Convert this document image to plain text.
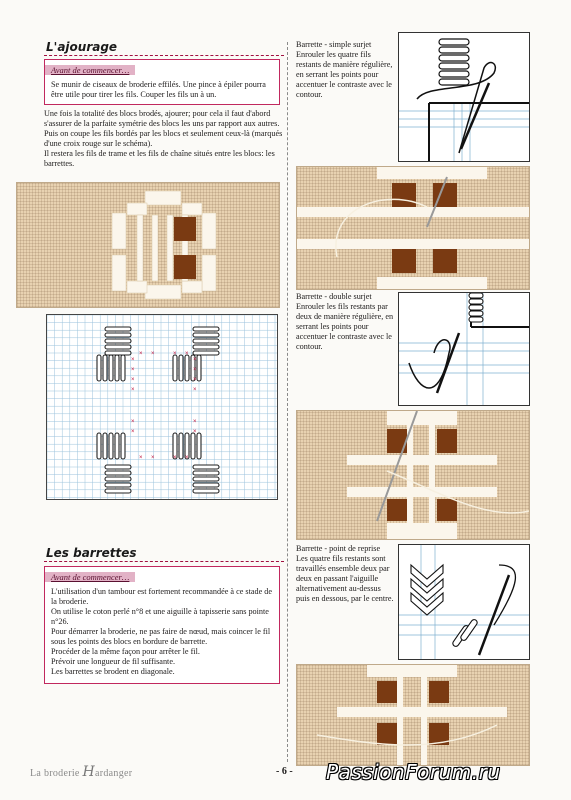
L'ajourage
Avant de commencer…

Se munir de ciseaux de broderie effilés. Une pince à épiler pourra être utile pour tirer les fils. Couper les fils un à un.

Une fois la totalité des blocs brodés, ajourer; pour cela il faut d'abord s'assurer de la parfaite symétrie des blocs les uns par rapport aux autres. Puis on coupe les fils bordés par les blocs et seulement ceux-là (marqués d'une croix rouge sur le schéma).

Il restera les fils de trame et les fils de chaîne situés entre les blocs: les barrettes.

×
×
×
×
×
×
×
×
×
×
×
×
× ×	× ×
× ×	× ×
Les barrettes
Avant de commencer…

L'utilisation d'un tambour est fortement recommandée à ce stade de la broderie.

On utilise le coton perlé n°8 et une aiguille à tapisserie sans pointe n°26.

Pour démarrer la broderie, ne pas faire de nœud, mais coincer le fil sous les points des blocs en bordure de barrette.

Procéder de la même façon pour arrêter le fil.

Prévoir une longueur de fil suffisante.

Les barrettes se brodent en diagonale.

Barrette - simple surjet
Enrouler les quatre fils restants de manière régulière, en serrant les points pour accentuer le contraste avec le contour.
Barrette - double surjet
Enrouler les fils restants par deux de manière régulière, en serrant les points pour accentuer le contraste avec le contour.
Barrette - point de reprise
Les quatre fils restants sont travaillés ensemble deux par deux en passant l'aiguille alternativement au-dessus puis en dessous, par le centre.
La broderie Hardanger	- 6 - PassionForum.ru
